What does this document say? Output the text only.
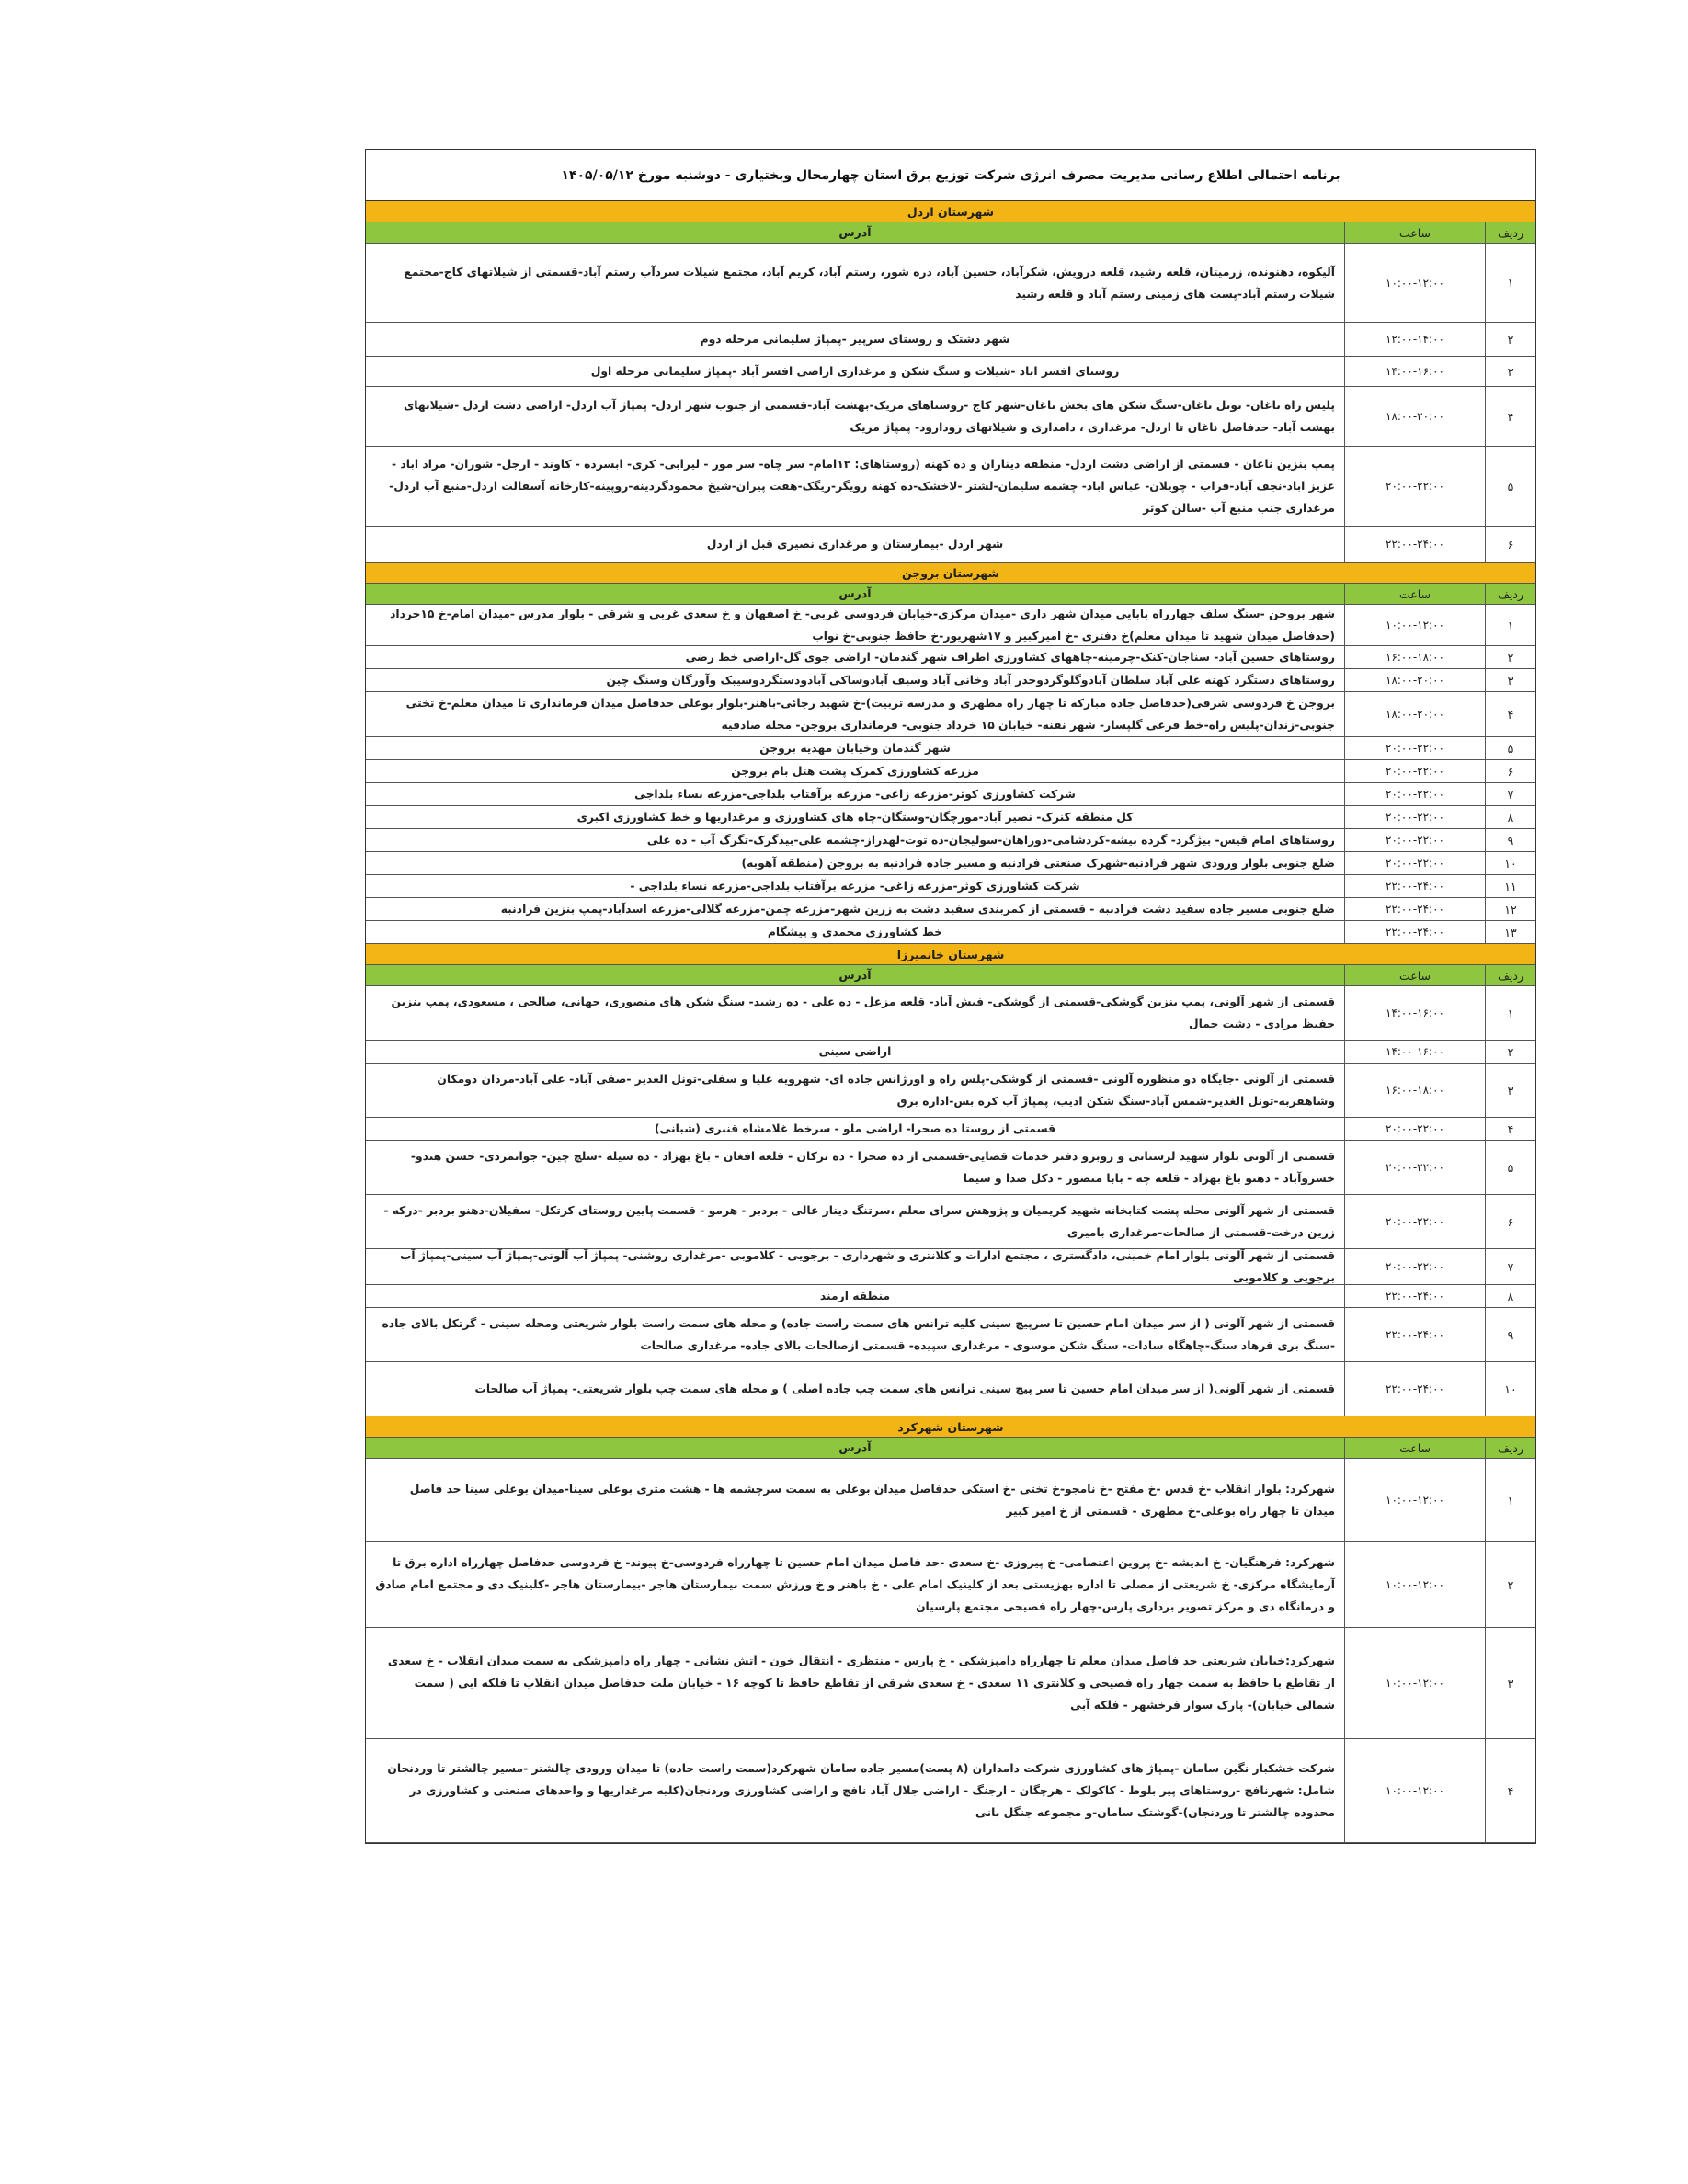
برنامه احتمالی اطلاع رسانی مدیریت مصرف انرژی شرکت توزیع برق استان چهارمحال وبختیاری - دوشنبه مورخ ۱۴۰۵/۰۵/۱۲
شهرستان اردل
ردیف
ساعت
آدرس
۱
۱۰:۰۰-۱۲:۰۰
آلیکوه، دهنونده، زرمیتان، قلعه رشید، قلعه درویش، شکرآباد، حسین آباد، دره شور، رستم آباد، کریم آباد، مجتمع شیلات سردآب رستم آباد-قسمتی از شیلاتهای کاج-مجتمع شیلات رستم آباد-پست های زمینی رستم آباد و قلعه رشید
۲
۱۲:۰۰-۱۴:۰۰
شهر دشتک و روستای سرپیر -پمپاژ سلیمانی مرحله دوم
۳
۱۴:۰۰-۱۶:۰۰
روستای افسر اباد -شیلات و سنگ شکن و مرغداری اراضی افسر آباد -پمپاژ سلیمانی مرحله اول
۴
۱۸:۰۰-۲۰:۰۰
پلیس راه ناغان- تونل ناغان-سنگ شکن های بخش ناغان-شهر کاج -روستاهای مریک-بهشت آباد-قسمتی از جنوب شهر اردل- پمپاژ آب اردل- اراضی دشت اردل -شیلاتهای بهشت آباد- حدفاصل ناغان تا اردل- مرغداری ، دامداری و شیلاتهای رودارود- پمپاژ مریک
۵
۲۰:۰۰-۲۲:۰۰
پمپ بنزین ناغان - قسمتی از اراضی دشت اردل- منطقه دیناران و ده کهنه (روستاهای: ۱۲امام- سر چاه- سر مور - لیرابی- کری- ابسرده - کاوند - ارجل- شوران- مراد اباد - عزیز اباد-نجف آباد-قراب - چویلان- عباس اباد- چشمه سلیمان-لشتر -لاخشک-ده کهنه رویگر-ریگک-هفت پیران-شیخ محمودگردینه-روپینه-کارخانه آسفالت اردل-منبع آب اردل-مرغداری جنب منبع آب -سالن کوثر
۶
۲۲:۰۰-۲۴:۰۰
شهر اردل -بیمارستان و مرغداری نصیری قبل از اردل
شهرستان بروجن
ردیف
ساعت
آدرس
۱
۱۰:۰۰-۱۲:۰۰
شهر بروجن -سنگ سلف چهارراه بابایی میدان شهر داری -میدان مرکزی-خیابان فردوسی غربی- خ اصفهان و خ سعدی غربی و شرقی - بلوار مدرس -میدان امام-خ ۱۵خرداد (حدفاصل میدان شهید تا میدان معلم)خ دفتری -خ امیرکبیر و ۱۷شهریور-خ حافظ جنوبی-خ نواب
۲
۱۶:۰۰-۱۸:۰۰
روستاهای حسین آباد- سناجان-کنک-چرمینه-چاههای کشاورزی اطراف شهر گندمان- اراضی جوی گل-اراضی خط رضی
۳
۱۸:۰۰-۲۰:۰۰
روستاهای دستگرد کهنه علی آباد سلطان آبادوگلوگردوخدر آباد وخانی آباد وسیف آبادوساکی آبادودستگردوسیبک وآورگان وسنگ چین
۴
۱۸:۰۰-۲۰:۰۰
بروجن خ فردوسی شرقی(حدفاصل جاده مبارکه تا چهار راه مطهری و مدرسه تربیت)-خ شهید رجائی-باهنر-بلوار بوعلی حدفاصل میدان فرمانداری تا میدان معلم-خ تختی جنوبی-زندان-پلیس راه-خط فرعی گلپسار- شهر نقنه- خیابان ۱۵ خرداد جنوبی- فرمانداری بروجن- محله صادقیه
۵
۲۰:۰۰-۲۲:۰۰
شهر گندمان وخیابان مهدیه بروجن
۶
۲۰:۰۰-۲۲:۰۰
مزرعه کشاورزی کمرک پشت هتل بام بروجن
۷
۲۰:۰۰-۲۲:۰۰
شرکت کشاورزی کوثر-مزرعه زاغی- مزرعه برآفتاب بلداجی-مزرعه نساء بلداجی
۸
۲۰:۰۰-۲۲:۰۰
کل منطقه کنرک- نصیر آباد-مورچگان-وستگان-چاه های کشاورزی و مرغداریها و خط کشاورزی اکبری
۹
۲۰:۰۰-۲۲:۰۰
روستاهای امام قیس- بیژگرد- گرده بیشه-کردشامی-دوراهان-سولیجان-ده توت-لهدراز-چشمه علی-بیدگرک-تگرگ آب - ده علی
۱۰
۲۰:۰۰-۲۲:۰۰
ضلع جنوبی بلوار ورودی شهر فرادنبه-شهرک صنعتی فرادنبه و مسیر جاده فرادنبه به بروجن (منطقه آهوبه)
۱۱
۲۲:۰۰-۲۴:۰۰
شرکت کشاورزی کوثر-مزرعه زاغی- مزرعه برآفتاب بلداجی-مزرعه نساء بلداجی -
۱۲
۲۲:۰۰-۲۴:۰۰
ضلع جنوبی مسیر جاده سفید دشت فرادنبه - قسمتی از کمربندی سفید دشت به زرین شهر-مزرعه چمن-مزرعه گلالی-مزرعه اسدآباد-پمپ بنزین فرادنبه
۱۳
۲۲:۰۰-۲۴:۰۰
خط کشاورزی محمدی و پیشگام
شهرستان خانمیرزا
ردیف
ساعت
آدرس
۱
۱۴:۰۰-۱۶:۰۰
قسمتی از شهر آلونی، پمپ بنزین گوشکی-قسمتی از گوشکی- فیش آباد- قلعه مزعل - ده علی - ده رشید- سنگ شکن های منصوری، جهانی، صالحی ، مسعودی، پمپ بنزین حفیظ مرادی - دشت جمال
۲
۱۴:۰۰-۱۶:۰۰
اراضی سینی
۳
۱۶:۰۰-۱۸:۰۰
قسمتی از آلونی -جایگاه دو منظوره آلونی -قسمتی از گوشکی-پلس راه و اورژانس جاده ای- شهرویه علیا و سفلی-تونل الغدیر -صفی آباد- علی آباد-مردان دومکان وشاهقربه-تونل الغدیر-شمس آباد-سنگ شکن ادیب، پمپاژ آب کره بس-اداره برق
۴
۲۰:۰۰-۲۲:۰۰
قسمتی از روستا ده صحرا- اراضی ملو - سرخط غلامشاه قنبری (شبانی)
۵
۲۰:۰۰-۲۲:۰۰
قسمتی از آلونی بلوار شهید لرستانی و روبرو دفتر خدمات قضایی-قسمتی از ده صحرا - ده ترکان - قلعه افغان - باغ بهزاد - ده سیله -سلچ چین- جوانمردی- حسن هندو- خسروآباد - دهنو باغ بهزاد - قلعه چه - بابا منصور - دکل صدا و سیما
۶
۲۰:۰۰-۲۲:۰۰
قسمتی از شهر آلونی محله پشت کتابخانه شهید کریمیان و پژوهش سرای معلم ،سرتنگ دینار عالی - بردبر - هرمو - قسمت پایین روستای کرتکل- سفیلان-دهنو بردبر -درکه - زرین درخت-قسمتی از صالحات-مرغداری بامیری
۷
۲۰:۰۰-۲۲:۰۰
قسمتی از شهر آلونی بلوار امام خمینی، دادگستری ، مجتمع ادارات و کلانتری و شهرداری - برجویی - کلاموبی -مرغداری روشنی- پمپاژ آب آلونی-پمپاژ آب سینی-پمپاژ آب برجویی و کلاموبی
۸
۲۲:۰۰-۲۴:۰۰
منطقه ارمند
۹
۲۲:۰۰-۲۴:۰۰
قسمتی از شهر آلونی ( از سر میدان امام حسین تا سرپیچ سینی کلیه ترانس های سمت راست جاده) و محله های سمت راست بلوار شریعتی ومحله سینی - گرتکل بالای جاده -سنگ بری فرهاد سنگ-چاهگاه سادات- سنگ شکن موسوی - مرغداری سپیده- قسمتی ازصالحات بالای جاده- مرغداری صالحات
۱۰
۲۲:۰۰-۲۴:۰۰
قسمتی از شهر آلونی( از سر میدان امام حسین تا سر پیچ سینی ترانس های سمت چپ جاده اصلی ) و محله های سمت چپ بلوار شریعتی- پمپاژ آب صالحات
شهرستان شهرکرد
ردیف
ساعت
آدرس
۱
۱۰:۰۰-۱۲:۰۰
شهرکرد: بلوار انقلاب -خ قدس -خ مفتح -خ نامجو-خ تختی -خ استکی حدفاصل میدان بوعلی به سمت سرچشمه ها - هشت متری بوعلی سینا-میدان بوعلی سینا حد فاصل میدان تا چهار راه بوعلی-خ مطهری - قسمتی از خ امیر کبیر
۲
۱۰:۰۰-۱۲:۰۰
شهرکرد: فرهنگیان- خ اندیشه -خ پروین اعتصامی- خ پیروزی -خ سعدی -حد فاصل میدان امام حسین تا چهارراه فردوسی-خ پیوند- خ فردوسی حدفاصل چهارراه اداره برق تا آزمایشگاه مرکزی- خ شریعتی از مصلی تا اداره بهزیستی بعد از کلینیک امام علی - خ باهنر و خ ورزش سمت بیمارستان هاجر -بیمارستان هاجر -کلینیک دی و مجتمع امام صادق و درمانگاه دی و مرکز تصویر برداری پارس-چهار راه فصیحی مجتمع پارسیان
۳
۱۰:۰۰-۱۲:۰۰
شهرکرد:خیابان شریعتی حد فاصل میدان معلم تا چهارراه دامپزشکی - خ پارس - منتظری - انتقال خون - اتش نشانی - چهار راه دامپزشکی به سمت میدان انقلاب - خ سعدی از تقاطع با حافظ به سمت چهار راه فصیحی و کلانتری ۱۱ سعدی - خ سعدی شرقی از تقاطع حافظ تا کوچه ۱۶ - خیابان ملت حدفاصل میدان انقلاب تا فلکه ابی ( سمت شمالی خیابان)- پارک سوار فرخشهر - فلکه آبی
۴
۱۰:۰۰-۱۲:۰۰
شرکت خشکبار نگین سامان -پمپاژ های کشاورزی شرکت دامداران (۸ پست)مسیر جاده سامان شهرکرد(سمت راست جاده) تا میدان ورودی چالشتر -مسیر چالشتر تا وردنجان شامل: شهرنافچ -روستاهای پیر بلوط - کاکولک - هرچگان - ارجنگ - اراضی جلال آباد نافچ و اراضی کشاورزی وردنجان(کلیه مرغداریها و واحدهای صنعتی و کشاورزی در محدوده چالشتر تا وردنجان)-گوشتک سامان-و مجموعه جنگل بانی
